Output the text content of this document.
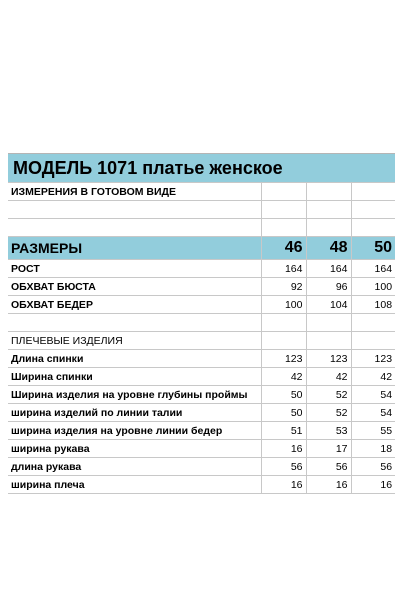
МОДЕЛЬ 1071 платье женское			
ИЗМЕРЕНИЯ В ГОТОВОМ ВИДЕ			

РАЗМЕРЫ	46	48	50
РОСТ	164	164	164
ОБХВАТ БЮСТА	92	96	100
ОБХВАТ БЕДЕР	100	104	108

ПЛЕЧЕВЫЕ ИЗДЕЛИЯ			
Длина спинки	123	123	123
Ширина спинки	42	42	42
Ширина изделия на уровне глубины проймы	50	52	54
ширина изделий по линии талии	50	52	54
ширина изделия на уровне линии бедер	51	53	55
ширина рукава	16	17	18
длина рукава	56	56	56
ширина плеча	16	16	16
